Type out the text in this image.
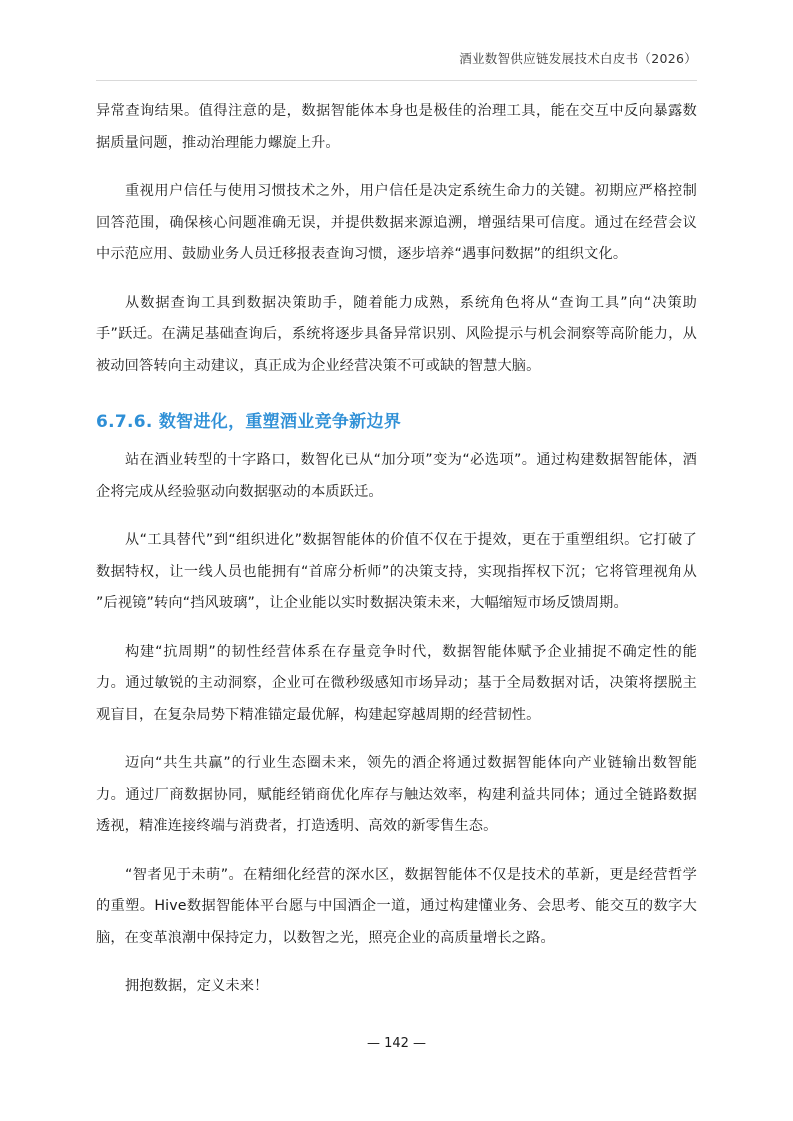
酒业数智供应链发展技术白皮书（2026）

异常查询结果。值得注意的是，数据智能体本身也是极佳的治理工具，能在交互中反向暴露数据质量问题，推动治理能力螺旋上升。

重视用户信任与使用习惯技术之外，用户信任是决定系统生命力的关键。初期应严格控制回答范围，确保核心问题准确无误，并提供数据来源追溯，增强结果可信度。通过在经营会议中示范应用、鼓励业务人员迁移报表查询习惯，逐步培养“遇事问数据”的组织文化。

从数据查询工具到数据决策助手，随着能力成熟，系统角色将从“查询工具”向“决策助手”跃迁。在满足基础查询后，系统将逐步具备异常识别、风险提示与机会洞察等高阶能力，从被动回答转向主动建议，真正成为企业经营决策不可或缺的智慧大脑。

6.7.6. 数智进化，重塑酒业竞争新边界

站在酒业转型的十字路口，数智化已从“加分项”变为“必选项”。通过构建数据智能体，酒企将完成从经验驱动向数据驱动的本质跃迁。

从“工具替代”到“组织进化”数据智能体的价值不仅在于提效，更在于重塑组织。它打破了数据特权，让一线人员也能拥有“首席分析师”的决策支持，实现指挥权下沉；它将管理视角从 ”后视镜”转向“挡风玻璃”，让企业能以实时数据决策未来，大幅缩短市场反馈周期。

构建“抗周期”的韧性经营体系在存量竞争时代，数据智能体赋予企业捕捉不确定性的能力。通过敏锐的主动洞察，企业可在微秒级感知市场异动；基于全局数据对话，决策将摆脱主观盲目，在复杂局势下精准锚定最优解，构建起穿越周期的经营韧性。

迈向“共生共赢”的行业生态圈未来，领先的酒企将通过数据智能体向产业链输出数智能力。通过厂商数据协同，赋能经销商优化库存与触达效率，构建利益共同体；通过全链路数据透视，精准连接终端与消费者，打造透明、高效的新零售生态。

“智者见于未萌”。在精细化经营的深水区，数据智能体不仅是技术的革新，更是经营哲学的重塑。Hive数据智能体平台愿与中国酒企一道，通过构建懂业务、会思考、能交互的数字大脑，在变革浪潮中保持定力，以数智之光，照亮企业的高质量增长之路。

拥抱数据，定义未来！

— 142 —
